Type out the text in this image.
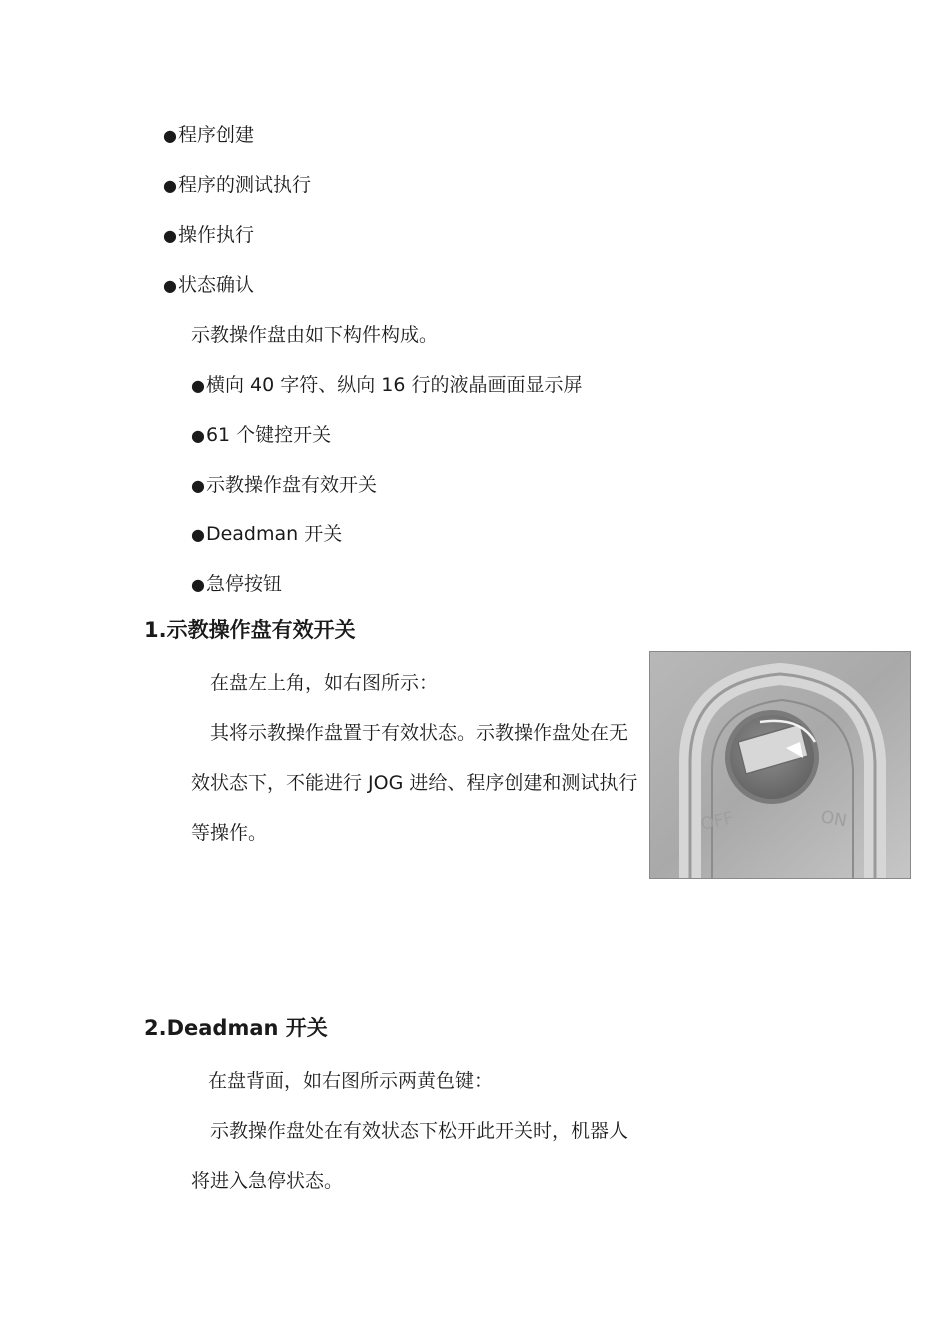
● 程序创建
● 程序的测试执行
● 操作执行
● 状态确认
示教操作盘由如下构件构成。
● 横向 40 字符、纵向 16 行的液晶画面显示屏
● 61 个键控开关
● 示教操作盘有效开关
● Deadman 开关
● 急停按钮
1.示教操作盘有效开关
在盘左上角，如右图所示：
其将示教操作盘置于有效状态。示教操作盘处在无
效状态下，不能进行 JOG 进给、程序创建和测试执行
等操作。	OFF	ON
2.Deadman 开关
在盘背面，如右图所示两黄色键：
示教操作盘处在有效状态下松开此开关时，机器人
将进入急停状态。
